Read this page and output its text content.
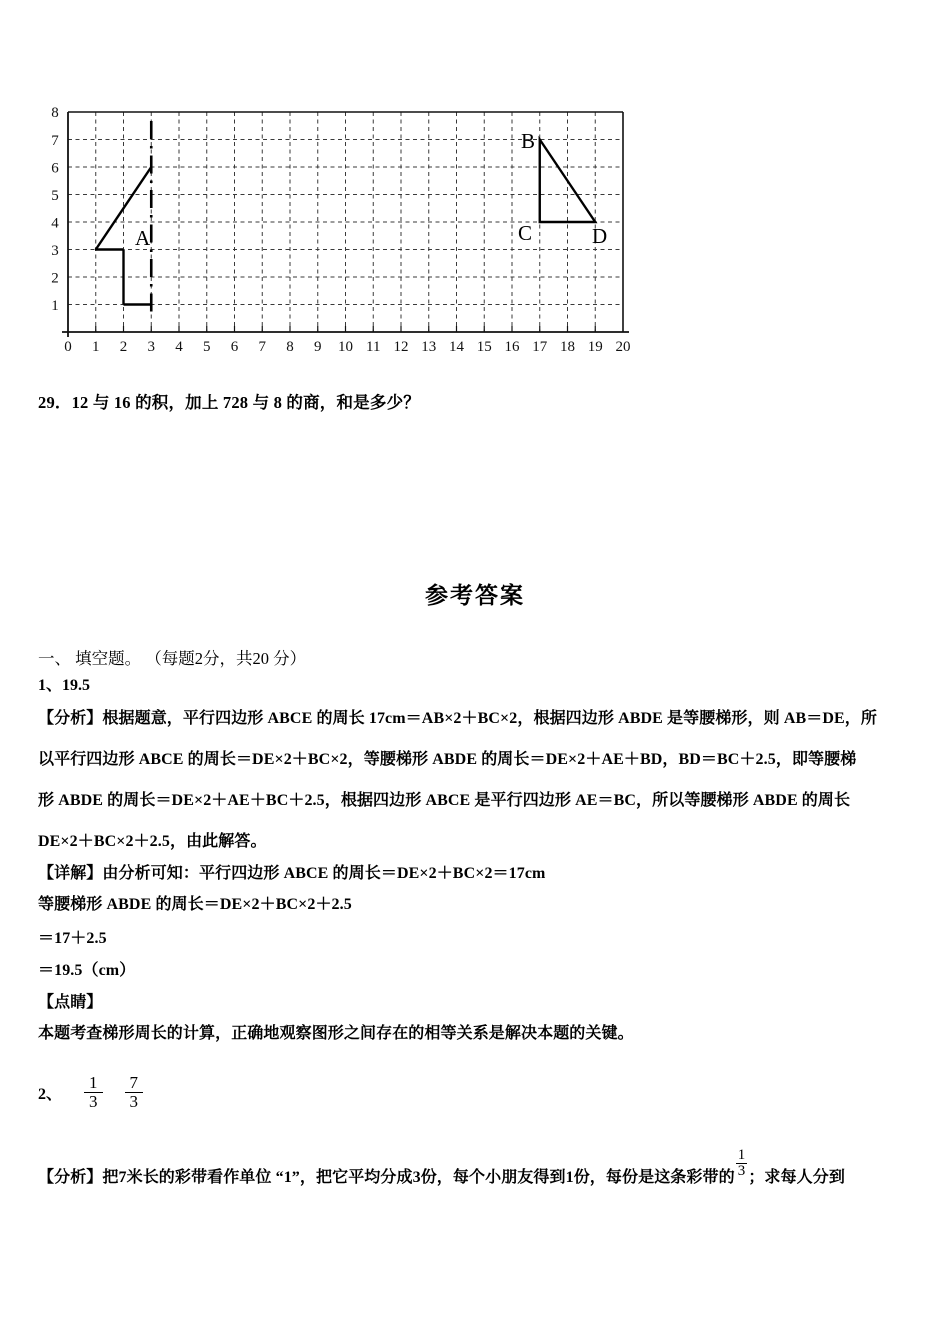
8
7
6
5
4
3
2
1
0 1 2 3 4 5 6 7 8 9 10 11 12 13 14 15 16 17 18 19 20
A
B
C	D
29．12 与 16 的积，加上 728 与 8 的商，和是多少？
参考答案
一、 填空题。 （每题2分，共20 分）
1、19.5
【分析】根据题意，平行四边形 ABCE 的周长 17cm＝AB×2＋BC×2，根据四边形 ABDE 是等腰梯形，则 AB＝DE，所
以平行四边形 ABCE 的周长＝DE×2＋BC×2，等腰梯形 ABDE 的周长＝DE×2＋AE＋BD，BD＝BC＋2.5，即等腰梯
形 ABDE 的周长＝DE×2＋AE＋BC＋2.5，根据四边形 ABCE 是平行四边形 AE＝BC，所以等腰梯形 ABDE 的周长
DE×2＋BC×2＋2.5，由此解答。
【详解】由分析可知：平行四边形 ABCE 的周长＝DE×2＋BC×2＝17cm
等腰梯形 ABDE 的周长＝DE×2＋BC×2＋2.5
＝17＋2.5
＝19.5（cm）
【点睛】
本题考查梯形周长的计算，正确地观察图形之间存在的相等关系是解决本题的关键。
2、 $\frac{1}{3} \frac{7}{3}$
【分析】把7米长的彩带看作单位 “1”，把它平均分成3份，每个小朋友得到1份，每份是这条彩带的 $\frac{1}{3}$ ；求每人分到
